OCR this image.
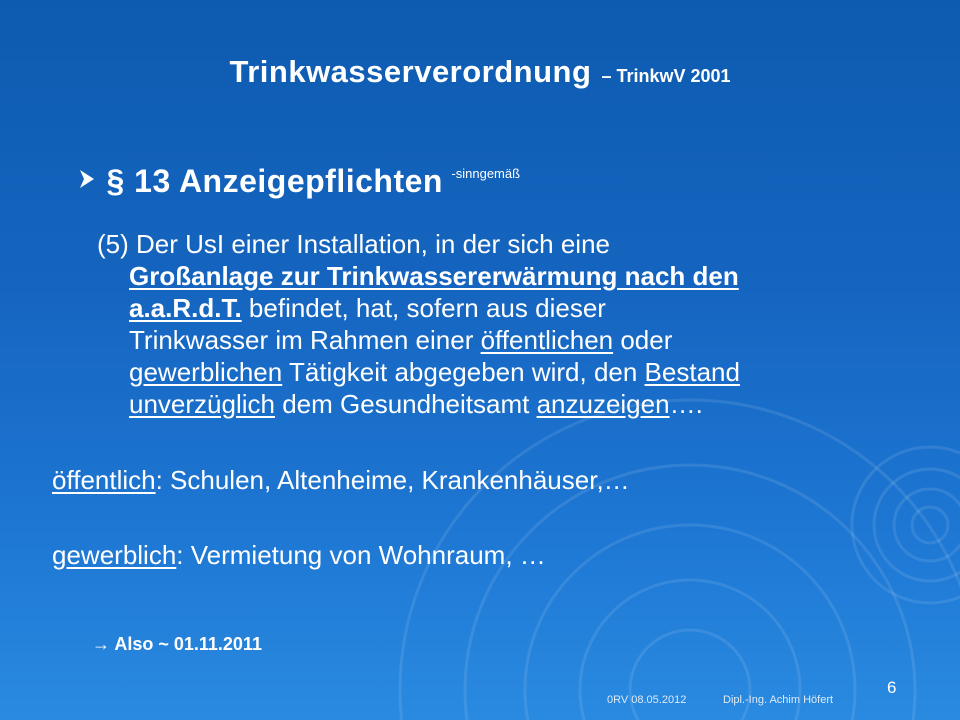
Trinkwasserverordnung – TrinkwV 2001
§ 13 Anzeigepflichten $^{-sinngemäß}$
(5) Der UsI einer Installation, in der sich eine
Großanlage zur Trinkwassererwärmung nach den
a.a.R.d.T. befindet, hat, sofern aus dieser
Trinkwasser im Rahmen einer öffentlichen oder
gewerblichen Tätigkeit abgegeben wird, den Bestand
unverzüglich dem Gesundheitsamt anzuzeigen….
öffentlich: Schulen, Altenheime, Krankenhäuser,…
gewerblich: Vermietung von Wohnraum, …
→ Also ~ 01.11.2011
0RV 08.05.2012	Dipl.-Ing. Achim Höfert
6
